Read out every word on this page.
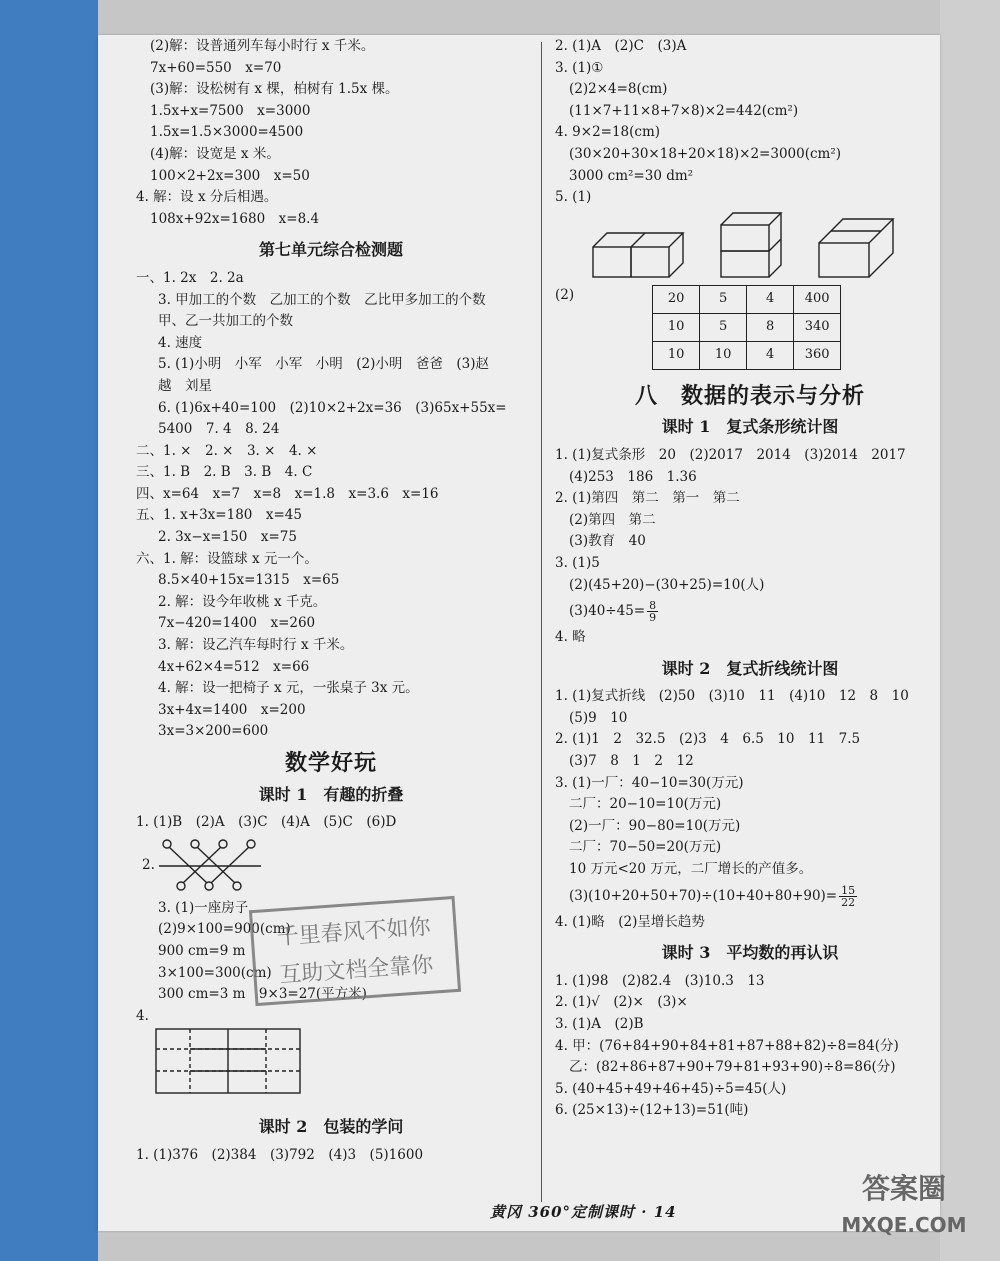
(2)解：设普通列车每小时行 x 千米。
7x+60=550　x=70
(3)解：设松树有 x 棵，柏树有 1.5x 棵。
1.5x+x=7500　x=3000
1.5x=1.5×3000=4500
(4)解：设宽是 x 米。
100×2+2x=300　x=50
4. 解：设 x 分后相遇。
108x+92x=1680　x=8.4
第七单元综合检测题
一、1. 2x　2. 2a
3. 甲加工的个数　乙加工的个数　乙比甲多加工的个数
甲、乙一共加工的个数
4. 速度
5. (1)小明　小军　小军　小明　(2)小明　爸爸　(3)赵
越　刘星
6. (1)6x+40=100　(2)10×2+2x=36　(3)65x+55x=
5400　7. 4　8. 24
二、1. ×　2. ×　3. ×　4. ×
三、1. B　2. B　3. B　4. C
四、x=64　x=7　x=8　x=1.8　x=3.6　x=16
五、1. x+3x=180　x=45
2. 3x−x=150　x=75
六、1. 解：设篮球 x 元一个。
8.5×40+15x=1315　x=65
2. 解：设今年收桃 x 千克。
7x−420=1400　x=260
3. 解：设乙汽车每时行 x 千米。
4x+62×4=512　x=66
4. 解：设一把椅子 x 元，一张桌子 3x 元。
3x+4x=1400　x=200
3x=3×200=600
数学好玩
课时 1　有趣的折叠
1. (1)B　(2)A　(3)C　(4)A　(5)C　(6)D
2.
3. (1)一座房子
(2)9×100=900(cm)
900 cm=9 m
3×100=300(cm)
300 cm=3 m　9×3=27(平方米)
4.
课时 2　包装的学问
1. (1)376　(2)384　(3)792　(4)3　(5)1600
2. (1)A　(2)C　(3)A
3. (1)①
(2)2×4=8(cm)
(11×7+11×8+7×8)×2=442(cm²)
4. 9×2=18(cm)
(30×20+30×18+20×18)×2=3000(cm²)
3000 cm²=30 dm²
5. (1)
(2)	20	5	4	400
10	5	8	340
10	10	4	360
八　数据的表示与分析
课时 1　复式条形统计图
1. (1)复式条形　20　(2)2017　2014　(3)2014　2017
(4)253　186　1.36
2. (1)第四　第二　第一　第二
(2)第四　第二
(3)教育　40
3. (1)5
(2)(45+20)−(30+25)=10(人)
$(3)40\div 45= \frac{8}{9}$
4. 略
课时 2　复式折线统计图
1. (1)复式折线　(2)50　(3)10　11　(4)10　12　8　10
(5)9　10
2. (1)1　2　32.5　(2)3　4　6.5　10　11　7.5
(3)7　8　1　2　12
3. (1)一厂：40−10=30(万元)
二厂：20−10=10(万元)
(2)一厂：90−80=10(万元)
二厂：70−50=20(万元)
10 万元<20 万元，二厂增长的产值多。
$(3)(10+20+50+70)\div(10+40+80+90)= \frac{15}{22}$
4. (1)略　(2)呈增长趋势
课时 3　平均数的再认识
1. (1)98　(2)82.4　(3)10.3　13
2. (1)√　(2)×　(3)×
3. (1)A　(2)B
4. 甲：(76+84+90+84+81+87+88+82)÷8=84(分)
乙：(82+86+87+90+79+81+93+90)÷8=86(分)
5. (40+45+49+46+45)÷5=45(人)
6. (25×13)÷(12+13)=51(吨)
千里春风不如你
互助文档全靠你
黄冈 360°定制课时 · 14
答案圈
MXQE.COM
